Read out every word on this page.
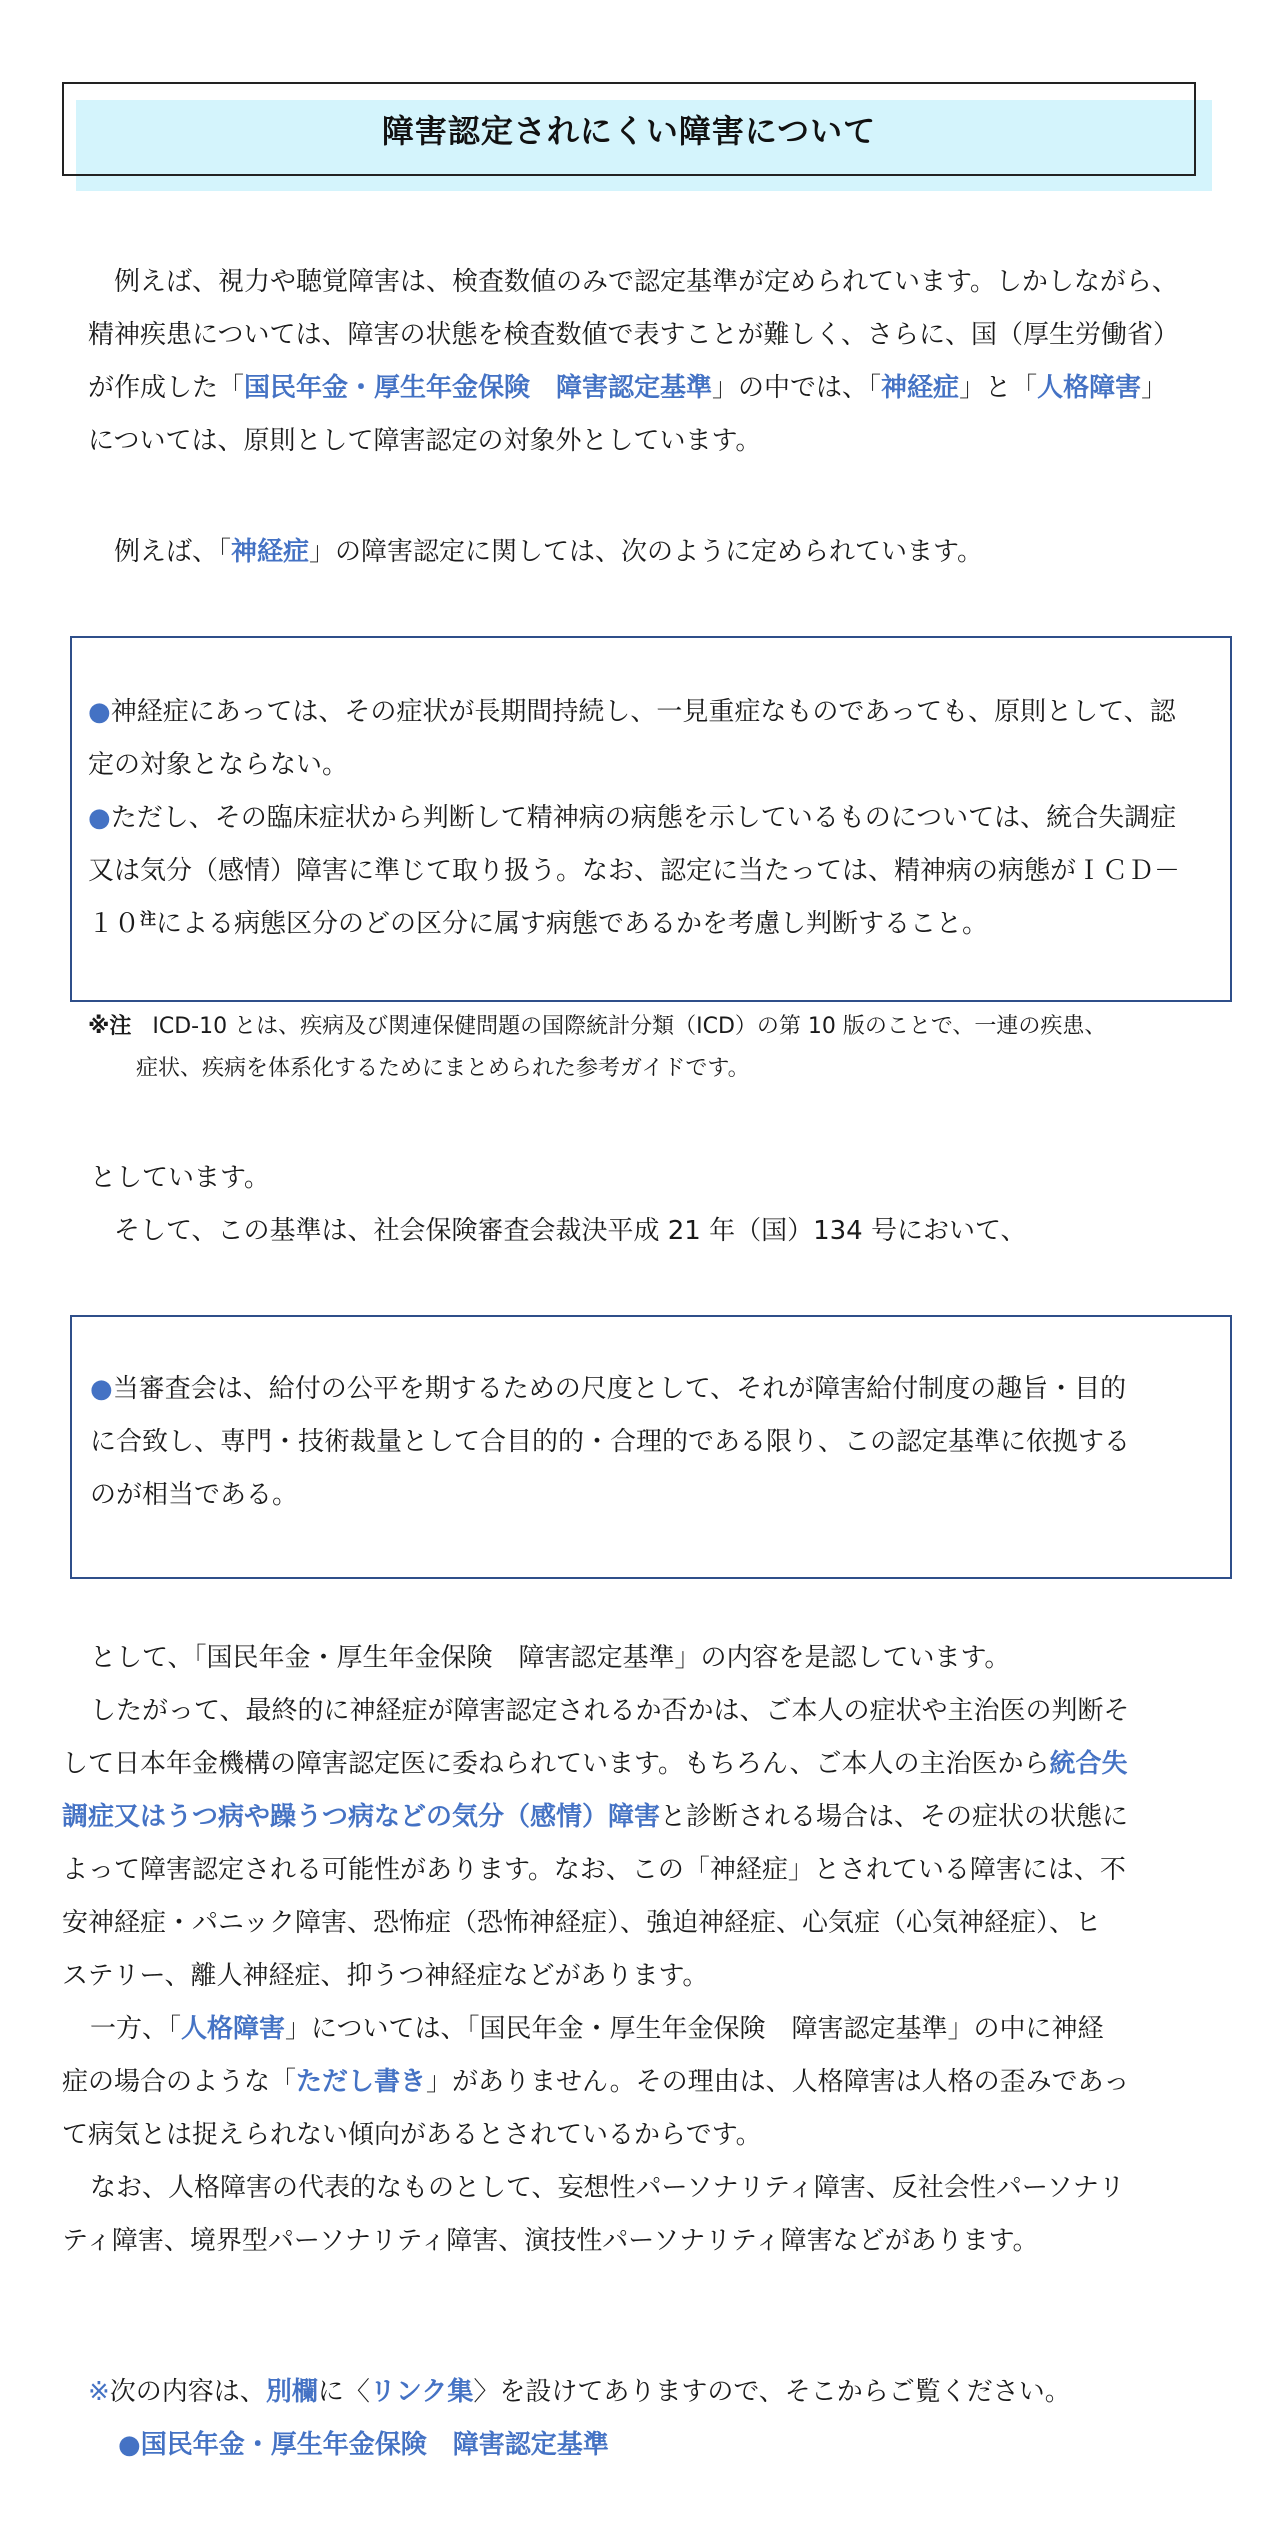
障害認定されにくい障害について
例えば、視力や聴覚障害は、検査数値のみで認定基準が定められています。しかしながら、
精神疾患については、障害の状態を検査数値で表すことが難しく、さらに、国（厚生労働省）
が作成した「国民年金・厚生年金保険　障害認定基準」の中では、「神経症」と「人格障害」
については、原則として障害認定の対象外としています。
例えば、「神経症」の障害認定に関しては、次のように定められています。
●神経症にあっては、その症状が長期間持続し、一見重症なものであっても、原則として、認
定の対象とならない。
●ただし、その臨床症状から判断して精神病の病態を示しているものについては、統合失調症
又は気分（感情）障害に準じて取り扱う。なお、認定に当たっては、精神病の病態がＩＣＤ－
$10^注$による病態区分のどの区分に属す病態であるかを考慮し判断すること。
※注 ICD-10 とは、疾病及び関連保健問題の国際統計分類（ICD）の第 10 版のことで、一連の疾患、
症状、疾病を体系化するためにまとめられた参考ガイドです。
としています。
そして、この基準は、社会保険審査会裁決平成 21 年（国）134 号において、
●当審査会は、給付の公平を期するための尺度として、それが障害給付制度の趣旨・目的
に合致し、専門・技術裁量として合目的的・合理的である限り、この認定基準に依拠する
のが相当である。
として、「国民年金・厚生年金保険　障害認定基準」の内容を是認しています。
したがって、最終的に神経症が障害認定されるか否かは、ご本人の症状や主治医の判断そ
して日本年金機構の障害認定医に委ねられています。もちろん、ご本人の主治医から統合失
調症又はうつ病や躁うつ病などの気分（感情）障害と診断される場合は、その症状の状態に
よって障害認定される可能性があります。なお、この「神経症」とされている障害には、不
安神経症・パニック障害、恐怖症（恐怖神経症）、強迫神経症、心気症（心気神経症）、ヒ
ステリー、離人神経症、抑うつ神経症などがあります。
一方、「人格障害」については、「国民年金・厚生年金保険　障害認定基準」の中に神経
症の場合のような「ただし書き」がありません。その理由は、人格障害は人格の歪みであっ
て病気とは捉えられない傾向があるとされているからです。
なお、人格障害の代表的なものとして、妄想性パーソナリティ障害、反社会性パーソナリ
ティ障害、境界型パーソナリティ障害、演技性パーソナリティ障害などがあります。
※次の内容は、別欄に〈リンク集〉を設けてありますので、そこからご覧ください。
●国民年金・厚生年金保険　障害認定基準
